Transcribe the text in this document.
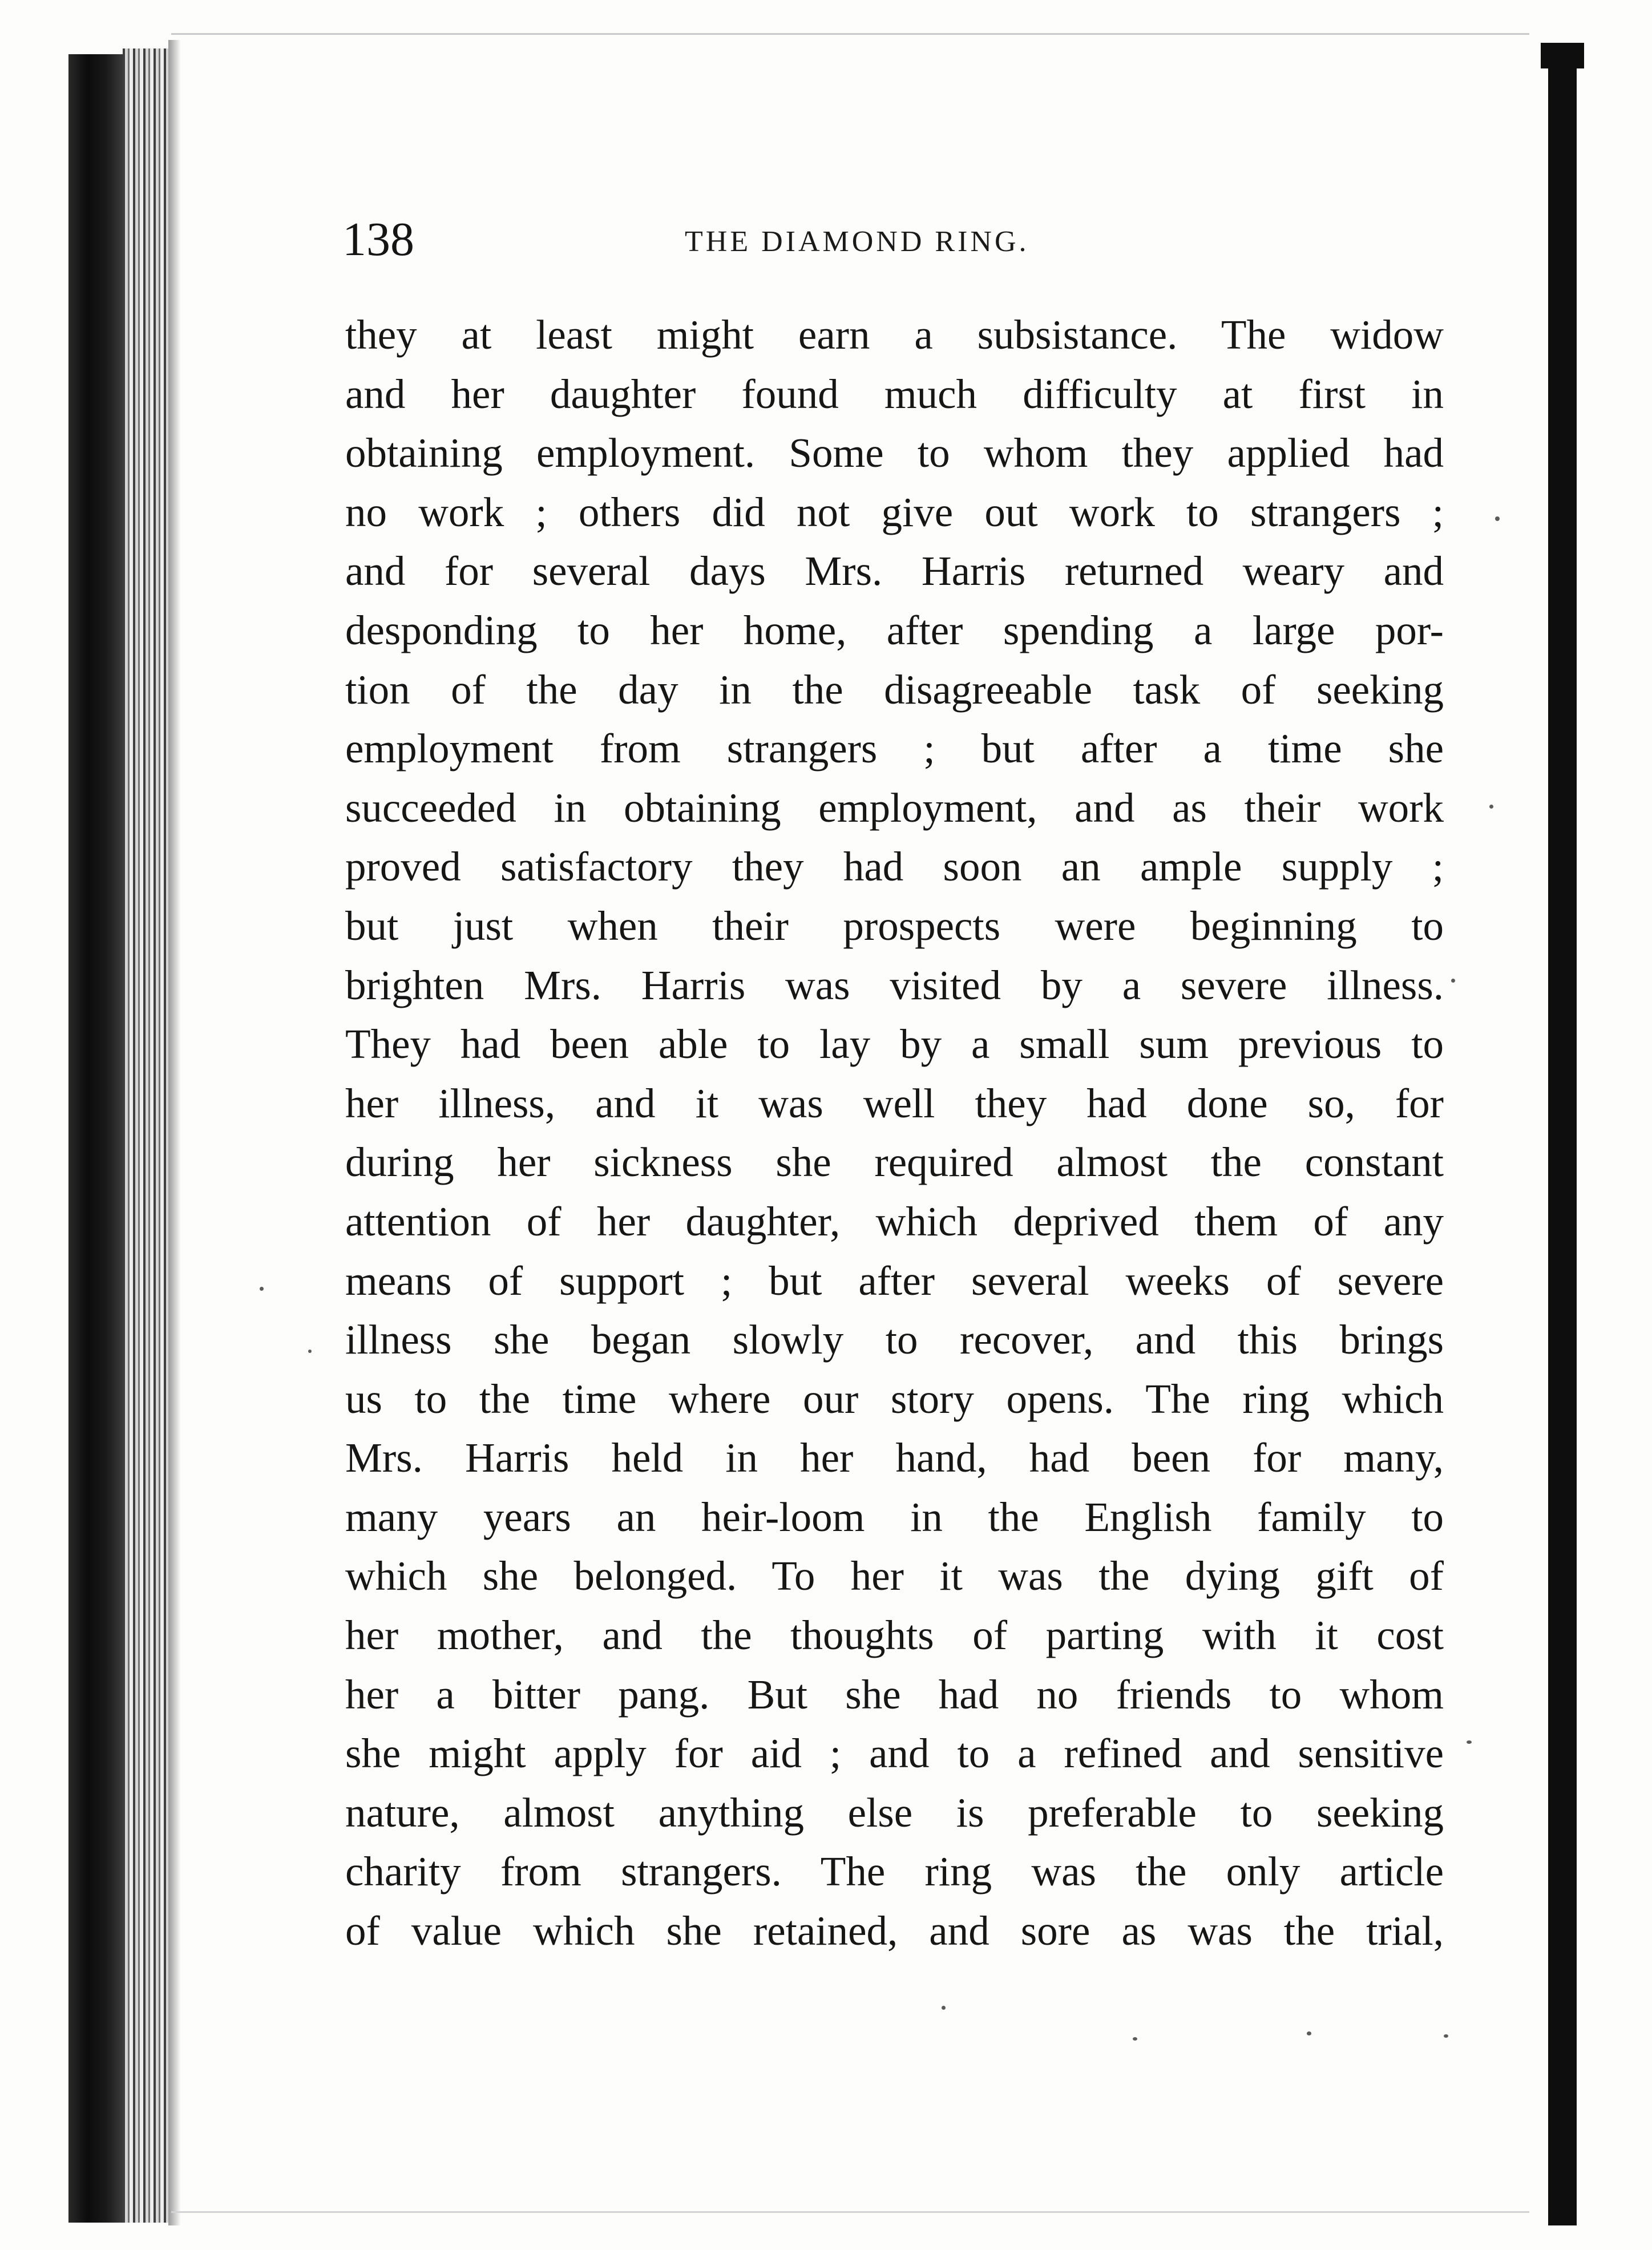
138	THE DIAMOND RING.
they at least might earn a subsistance. The widow
and her daughter found much difficulty at first in
obtaining employment. Some to whom they applied had
no work ; others did not give out work to strangers ;
and for several days Mrs. Harris returned weary and
desponding to her home, after spending a large por-
tion of the day in the disagreeable task of seeking
employment from strangers ; but after a time she
succeeded in obtaining employment, and as their work
proved satisfactory they had soon an ample supply ;
but just when their prospects were beginning to
brighten Mrs. Harris was visited by a severe illness.
They had been able to lay by a small sum previous to
her illness, and it was well they had done so, for
during her sickness she required almost the constant
attention of her daughter, which deprived them of any
means of support ; but after several weeks of severe
illness she began slowly to recover, and this brings
us to the time where our story opens. The ring which
Mrs. Harris held in her hand, had been for many,
many years an heir-loom in the English family to
which she belonged. To her it was the dying gift of
her mother, and the thoughts of parting with it cost
her a bitter pang. But she had no friends to whom
she might apply for aid ; and to a refined and sensitive
nature, almost anything else is preferable to seeking
charity from strangers. The ring was the only article
of value which she retained, and sore as was the trial,
